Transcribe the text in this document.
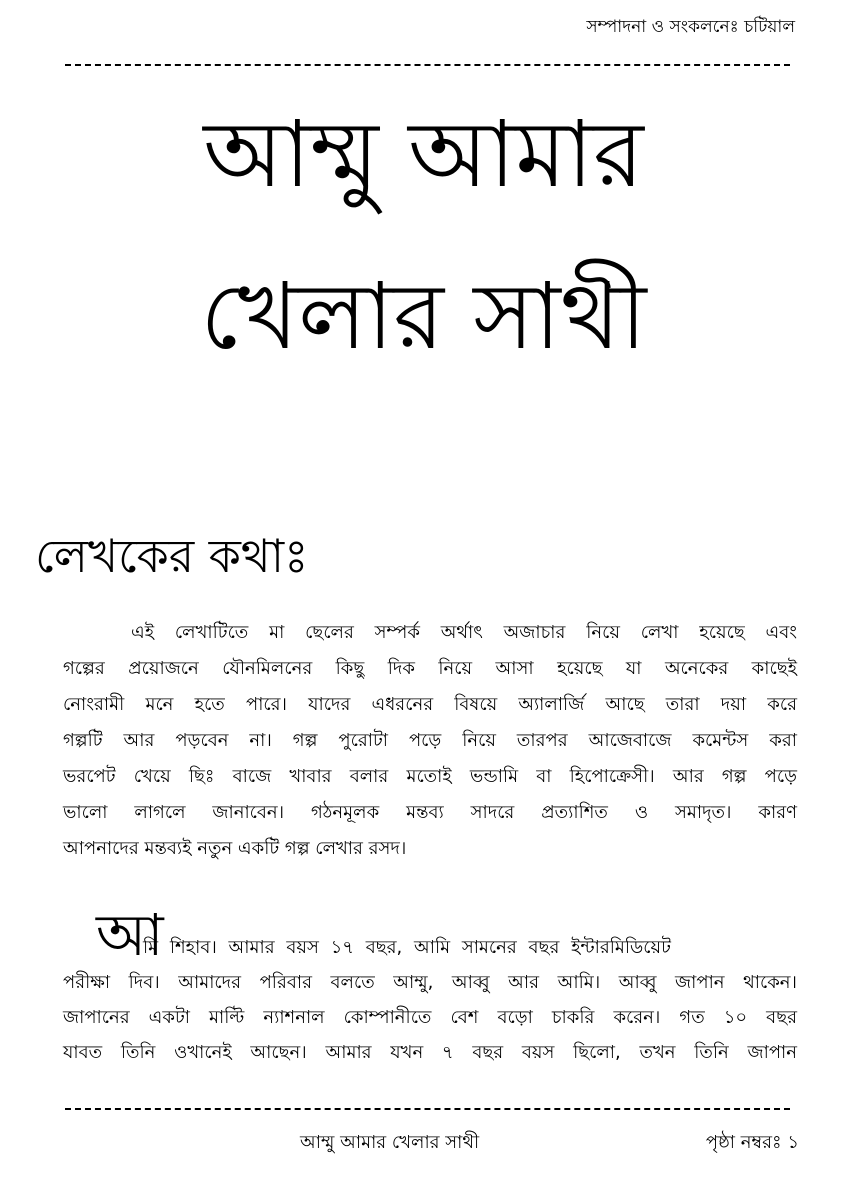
সম্পাদনা ও সংকলনেঃ চটিয়াল
আম্মু আমার
খেলার সাথী
লেখকের কথাঃ
এই লেখাটিতে মা ছেলের সম্পর্ক অর্থাৎ অজাচার নিয়ে লেখা হয়েছে এবং
গল্পের প্রয়োজনে যৌনমিলনের কিছু দিক নিয়ে আসা হয়েছে যা অনেকের কাছেই
নোংরামী মনে হতে পারে। যাদের এধরনের বিষয়ে অ্যালার্জি আছে তারা দয়া করে
গল্পটি আর পড়বেন না। গল্প পুরোটা পড়ে নিয়ে তারপর আজেবাজে কমেন্টস করা
ভরপেট খেয়ে ছিঃ বাজে খাবার বলার মতোই ভন্ডামি বা হিপোক্রেসী। আর গল্প পড়ে
ভালো লাগলে জানাবেন। গঠনমূলক মন্তব্য সাদরে প্রত্যাশিত ও সমাদৃত। কারণ
আপনাদের মন্তব্যই নতুন একটি গল্প লেখার রসদ।
আ
মি শিহাব। আমার বয়স ১৭ বছর, আমি সামনের বছর ইন্টারমিডিয়েট
পরীক্ষা দিব। আমাদের পরিবার বলতে আম্মু, আব্বু আর আমি। আব্বু জাপান থাকেন।
জাপানের একটা মাল্টি ন্যাশনাল কোম্পানীতে বেশ বড়ো চাকরি করেন। গত ১০ বছর
যাবত তিনি ওখানেই আছেন। আমার যখন ৭ বছর বয়স ছিলো, তখন তিনি জাপান
আম্মু আমার খেলার সাথী	পৃষ্ঠা নম্বরঃ ১
